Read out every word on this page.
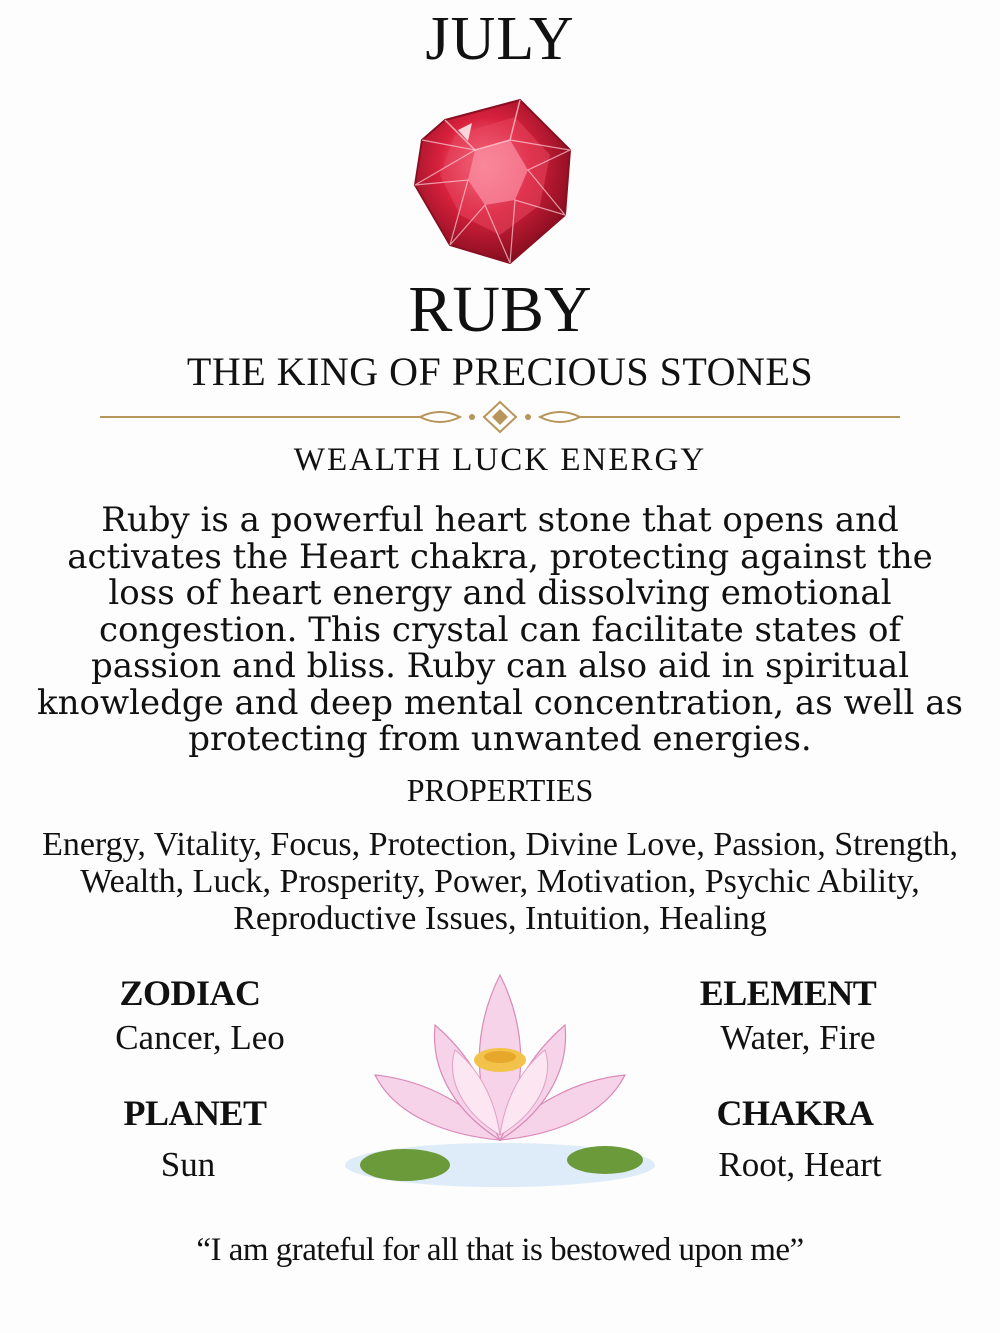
JULY
RUBY
THE KING OF PRECIOUS STONES
WEALTH LUCK ENERGY
Ruby is a powerful heart stone that opens and activates the Heart chakra, protecting against the loss of heart energy and dissolving emotional congestion. This crystal can facilitate states of passion and bliss. Ruby can also aid in spiritual knowledge and deep mental concentration, as well as protecting from unwanted energies.
PROPERTIES
Energy, Vitality, Focus, Protection, Divine Love, Passion, Strength, Wealth, Luck, Prosperity, Power, Motivation, Psychic Ability, Reproductive Issues, Intuition, Healing
ZODIAC
Cancer, Leo
ELEMENT
Water, Fire
PLANET
Sun
CHAKRA
Root, Heart
“I am grateful for all that is bestowed upon me”
